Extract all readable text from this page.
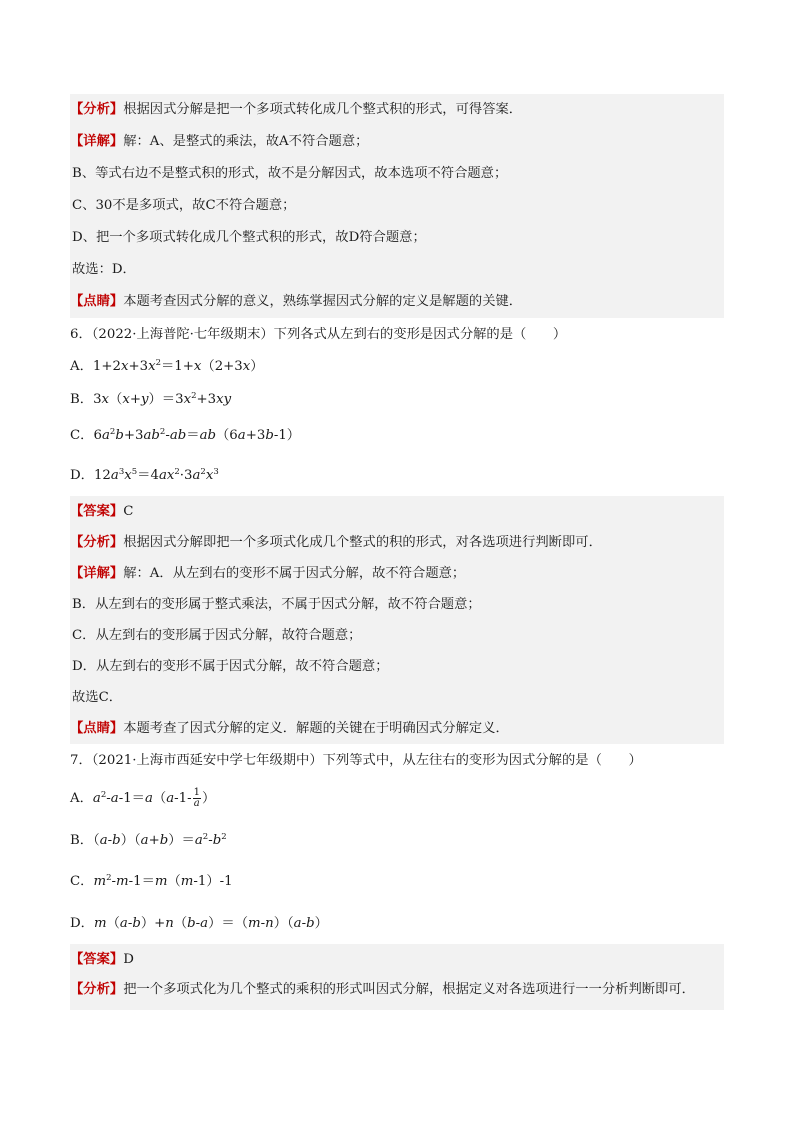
【分析】根据因式分解是把一个多项式转化成几个整式积的形式，可得答案．
【详解】解：A、是整式的乘法，故A不符合题意；
B、等式右边不是整式积的形式，故不是分解因式，故本选项不符合题意；
C、30不是多项式，故C不符合题意；
D、把一个多项式转化成几个整式积的形式，故D符合题意；
故选：D．
【点睛】本题考查因式分解的意义，熟练掌握因式分解的定义是解题的关键．
6．（2022·上海普陀·七年级期末）下列各式从左到右的变形是因式分解的是（　　）
A．$1+2x+3x^2=1+x(2+3x)$
B．$3x(x+y)=3x^2+3xy$
C．$6a^2b+3ab^2-ab=ab(6a+3b-1)$
D．$12a^3x^5=4ax^2\cdot 3a^2x^3$
【答案】C
【分析】根据因式分解即把一个多项式化成几个整式的积的形式，对各选项进行判断即可．
【详解】解：A．从左到右的变形不属于因式分解，故不符合题意；
B．从左到右的变形属于整式乘法，不属于因式分解，故不符合题意；
C．从左到右的变形属于因式分解，故符合题意；
D．从左到右的变形不属于因式分解，故不符合题意；
故选C．
【点睛】本题考查了因式分解的定义．解题的关键在于明确因式分解定义．
7．（2021·上海市西延安中学七年级期中）下列等式中，从左往右的变形为因式分解的是（　　）
A．$a^2-a-1=a(a-1- \frac{1}{a}$ ）
B．$(a-b)(a+b)=a^2-b^2$
C．$m^2-m-1=m(m-1)-1$
D．m（a-b）+n（b-a）＝（m-n）（a-b）
【答案】D
【分析】把一个多项式化为几个整式的乘积的形式叫因式分解，根据定义对各选项进行一一分析判断即可．
